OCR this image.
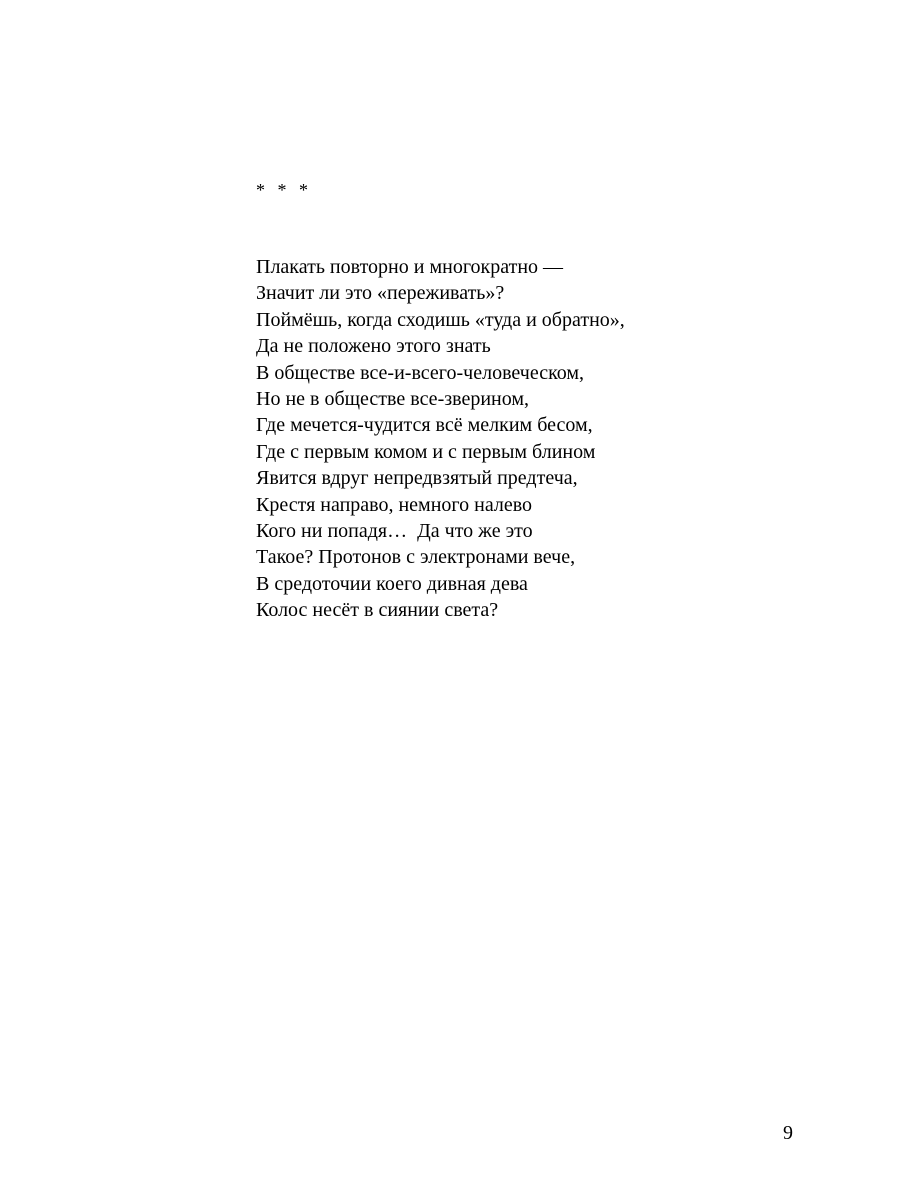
* * *
Плакать повторно и многократно —
Значит ли это «переживать»?
Поймёшь, когда сходишь «туда и обратно»,
Да не положено этого знать
В обществе все-и-всего-человеческом,
Но не в обществе все-зверином,
Где мечется-чудится всё мелким бесом,
Где с первым комом и с первым блином
Явится вдруг непредвзятый предтеча,
Крестя направо, немного налево
Кого ни попадя…  Да что же это
Такое? Протонов с электронами вече,
В средоточии коего дивная дева
Колос несёт в сиянии света?
9
